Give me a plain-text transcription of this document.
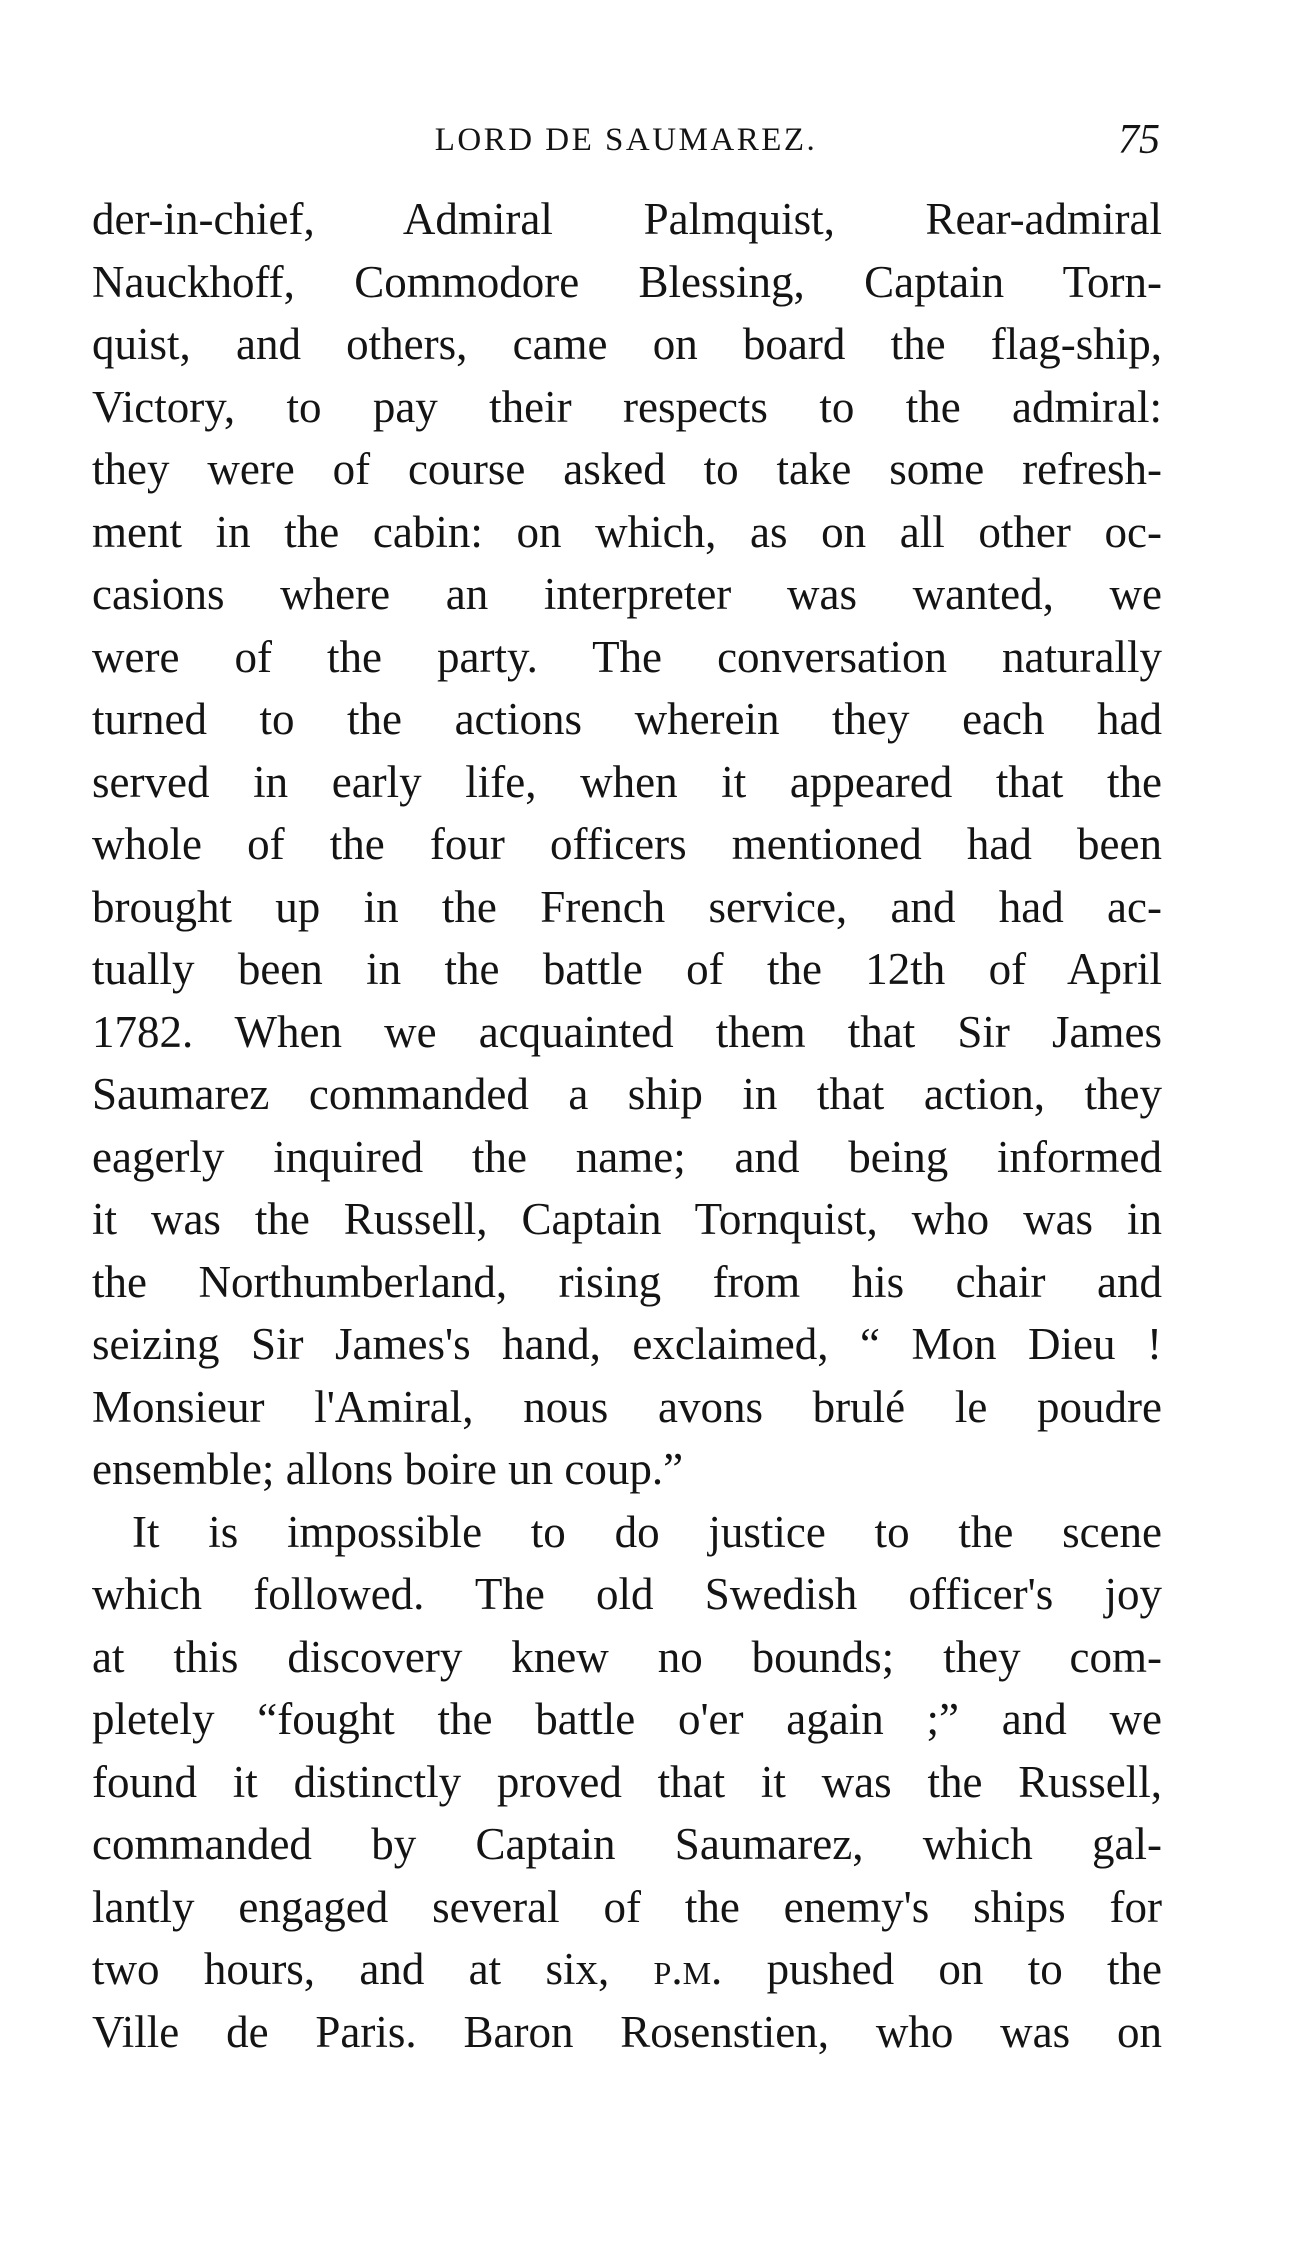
LORD DE SAUMAREZ.	75
der-in-chief, Admiral Palmquist, Rear-admiral
Nauckhoff, Commodore Blessing, Captain Torn-
quist, and others, came on board the flag-ship,
Victory, to pay their respects to the admiral:
they were of course asked to take some refresh-
ment in the cabin: on which, as on all other oc-
casions where an interpreter was wanted, we
were of the party. The conversation naturally
turned to the actions wherein they each had
served in early life, when it appeared that the
whole of the four officers mentioned had been
brought up in the French service, and had ac-
tually been in the battle of the 12th of April
1782. When we acquainted them that Sir James
Saumarez commanded a ship in that action, they
eagerly inquired the name; and being informed
it was the Russell, Captain Tornquist, who was in
the Northumberland, rising from his chair and
seizing Sir James's hand, exclaimed, “ Mon Dieu !
Monsieur l'Amiral, nous avons brulé le poudre
ensemble; allons boire un coup.”
It is impossible to do justice to the scene
which followed. The old Swedish officer's joy
at this discovery knew no bounds; they com-
pletely “fought the battle o'er again ;” and we
found it distinctly proved that it was the Russell,
commanded by Captain Saumarez, which gal-
lantly engaged several of the enemy's ships for
two hours, and at six, p.m. pushed on to the
Ville de Paris. Baron Rosenstien, who was on
